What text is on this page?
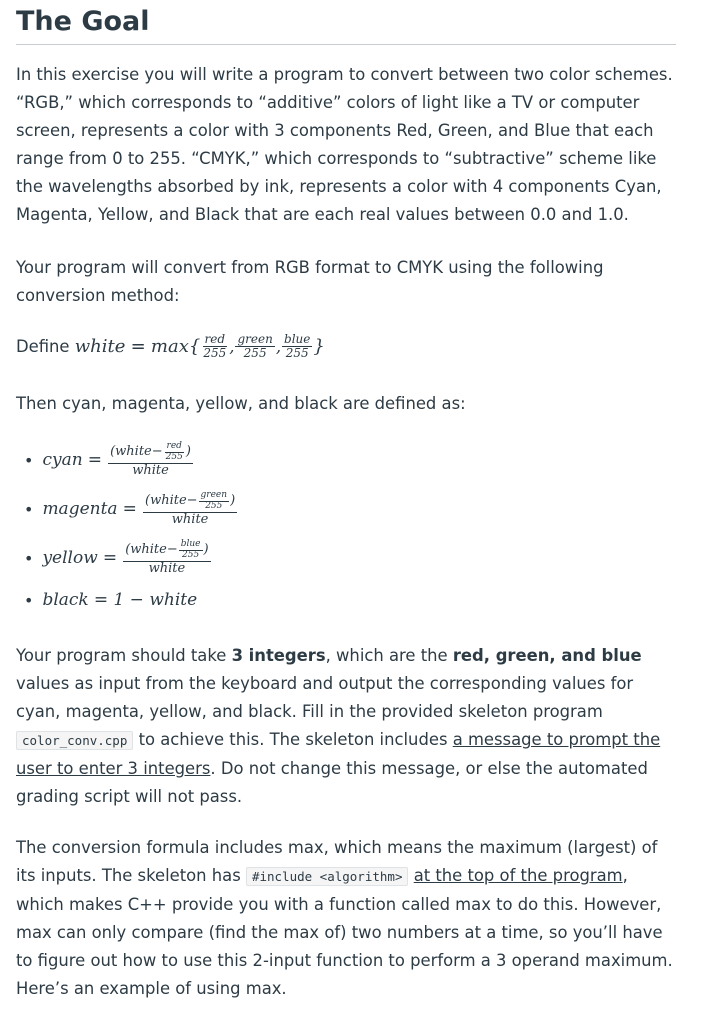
The Goal

In this exercise you will write a program to convert between two color schemes. “RGB,” which corresponds to “additive” colors of light like a TV or computer screen, represents a color with 3 components Red, Green, and Blue that each range from 0 to 255. “CMYK,” which corresponds to “subtractive” scheme like the wavelengths absorbed by ink, represents a color with 4 components Cyan, Magenta, Yellow, and Black that are each real values between 0.0 and 1.0.

Your program will convert from RGB format to CMYK using the following conversion method:

Define
white
=
$\max\{ \frac{\text{red}}{255}$ , $\frac{\text{green}}{255}$ , $\frac{\text{blue}}{255}$ }

Then cyan, magenta, yellow, and black are defined as:

• cyan
=
$\frac{(white- \frac{\text{red}}{255} )}{\text{white}}$
• magenta
=
$\frac{(white- \frac{\text{green}}{255} )}{\text{white}}$
• yellow
=
$\frac{(white- \frac{\text{blue}}{255} )}{\text{white}}$
• black
= 1 − white

Your program should take 3 integers, which are the red, green, and blue values as input from the keyboard and output the corresponding values for cyan, magenta, yellow, and black. Fill in the provided skeleton program color_conv.cpp to achieve this. The skeleton includes a message to prompt the user to enter 3 integers. Do not change this message, or else the automated grading script will not pass.

The conversion formula includes max, which means the maximum (largest) of its inputs. The skeleton has #include <algorithm> at the top of the program, which makes C++ provide you with a function called max to do this. However, max can only compare (find the max of) two numbers at a time, so you’ll have to figure out how to use this 2-input function to perform a 3 operand maximum. Here’s an example of using max.
